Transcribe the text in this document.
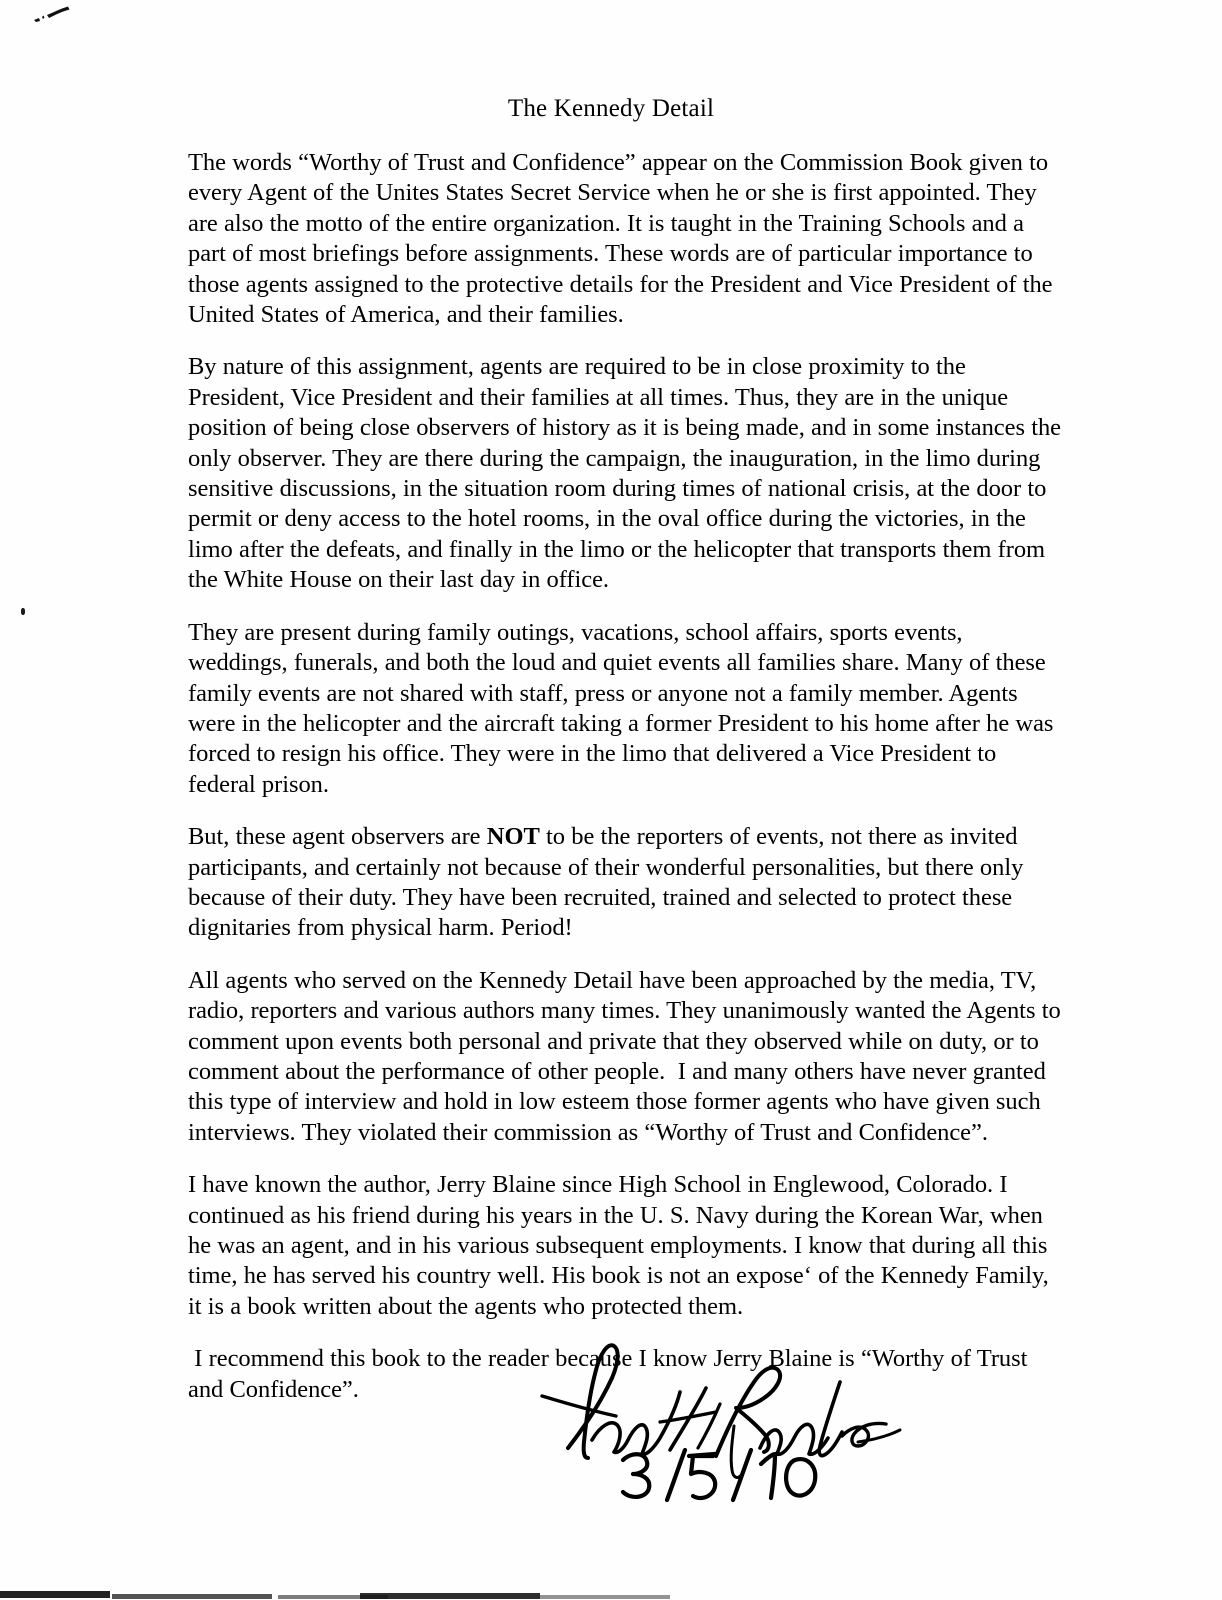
The Kennedy Detail

The words “Worthy of Trust and Confidence” appear on the Commission Book given to every Agent of the Unites States Secret Service when he or she is first appointed. They are also the motto of the entire organization. It is taught in the Training Schools and a part of most briefings before assignments. These words are of particular importance to those agents assigned to the protective details for the President and Vice President of the United States of America, and their families.

By nature of this assignment, agents are required to be in close proximity to the President, Vice President and their families at all times. Thus, they are in the unique position of being close observers of history as it is being made, and in some instances the only observer. They are there during the campaign, the inauguration, in the limo during sensitive discussions, in the situation room during times of national crisis, at the door to permit or deny access to the hotel rooms, in the oval office during the victories, in the limo after the defeats, and finally in the limo or the helicopter that transports them from the White House on their last day in office.

They are present during family outings, vacations, school affairs, sports events, weddings, funerals, and both the loud and quiet events all families share. Many of these family events are not shared with staff, press or anyone not a family member. Agents were in the helicopter and the aircraft taking a former President to his home after he was forced to resign his office. They were in the limo that delivered a Vice President to federal prison.

But, these agent observers are NOT to be the reporters of events, not there as invited participants, and certainly not because of their wonderful personalities, but there only because of their duty. They have been recruited, trained and selected to protect these dignitaries from physical harm. Period!

All agents who served on the Kennedy Detail have been approached by the media, TV, radio, reporters and various authors many times. They unanimously wanted the Agents to comment upon events both personal and private that they observed while on duty, or to comment about the performance of other people.  I and many others have never granted this type of interview and hold in low esteem those former agents who have given such interviews. They violated their commission as “Worthy of Trust and Confidence”.

I have known the author, Jerry Blaine since High School in Englewood, Colorado. I continued as his friend during his years in the U. S. Navy during the Korean War, when he was an agent, and in his various subsequent employments. I know that during all this time, he has served his country well. His book is not an expose‘ of the Kennedy Family, it is a book written about the agents who protected them.

I recommend this book to the reader because I know Jerry Blaine is “Worthy of Trust and Confidence”.
